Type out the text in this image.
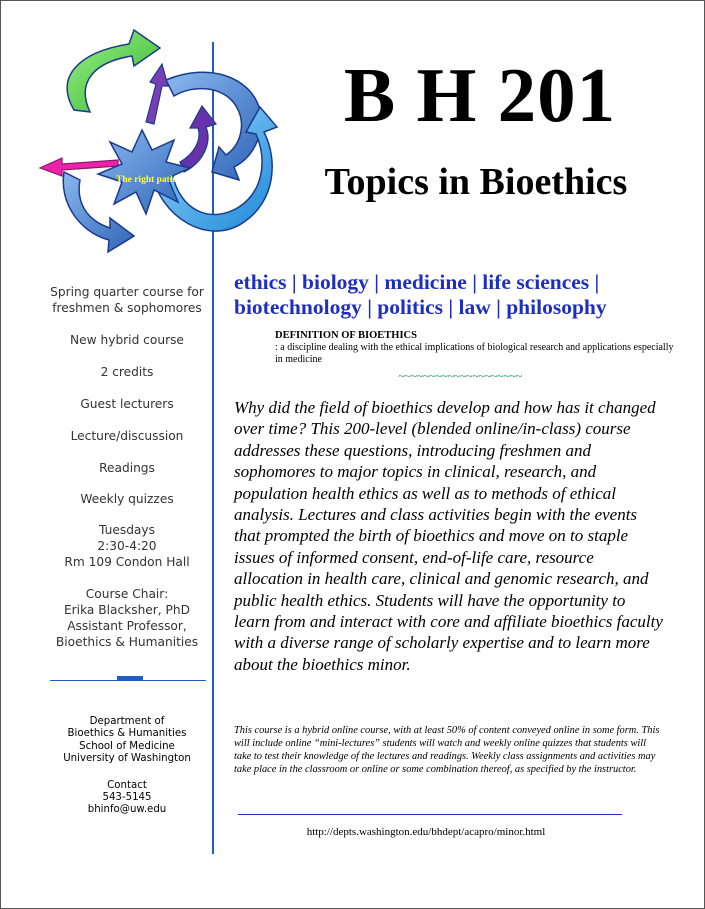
The right path
B H 201
Topics in Bioethics
ethics | biology | medicine | life sciences |
biotechnology | politics | law | philosophy
DEFINITION OF BIOETHICS
: a discipline dealing with the ethical implications of biological research and applications especially in medicine
~~~~~~~~~~~~~~~~~~~~

Why did the field of bioethics develop and how has it changed over time? This 200-level (blended online/in-class) course addresses these questions, introducing freshmen and sophomores to major topics in clinical, research, and population health ethics as well as to methods of ethical analysis. Lectures and class activities begin with the events that prompted the birth of bioethics and move on to staple issues of informed consent, end-of-life care, resource allocation in health care, clinical and genomic research, and public health ethics. Students will have the opportunity to learn from and interact with core and affiliate bioethics faculty with a diverse range of scholarly expertise and to learn more about the bioethics minor.

This course is a hybrid online course, with at least 50% of content conveyed online in some form. This will include online “mini-lectures” students will watch and weekly online quizzes that students will take to test their knowledge of the lectures and readings. Weekly class assignments and activities may take place in the classroom or online or some combination thereof, as specified by the instructor.

http://depts.washington.edu/bhdept/acapro/minor.html
Spring quarter course for
freshmen & sophomores
New hybrid course
2 credits
Guest lecturers
Lecture/discussion
Readings
Weekly quizzes
Tuesdays
2:30-4:20
Rm 109 Condon Hall
Course Chair:
Erika Blacksher, PhD
Assistant Professor,
Bioethics & Humanities
Department of
Bioethics & Humanities
School of Medicine
University of Washington
Contact
543-5145
bhinfo@uw.edu
